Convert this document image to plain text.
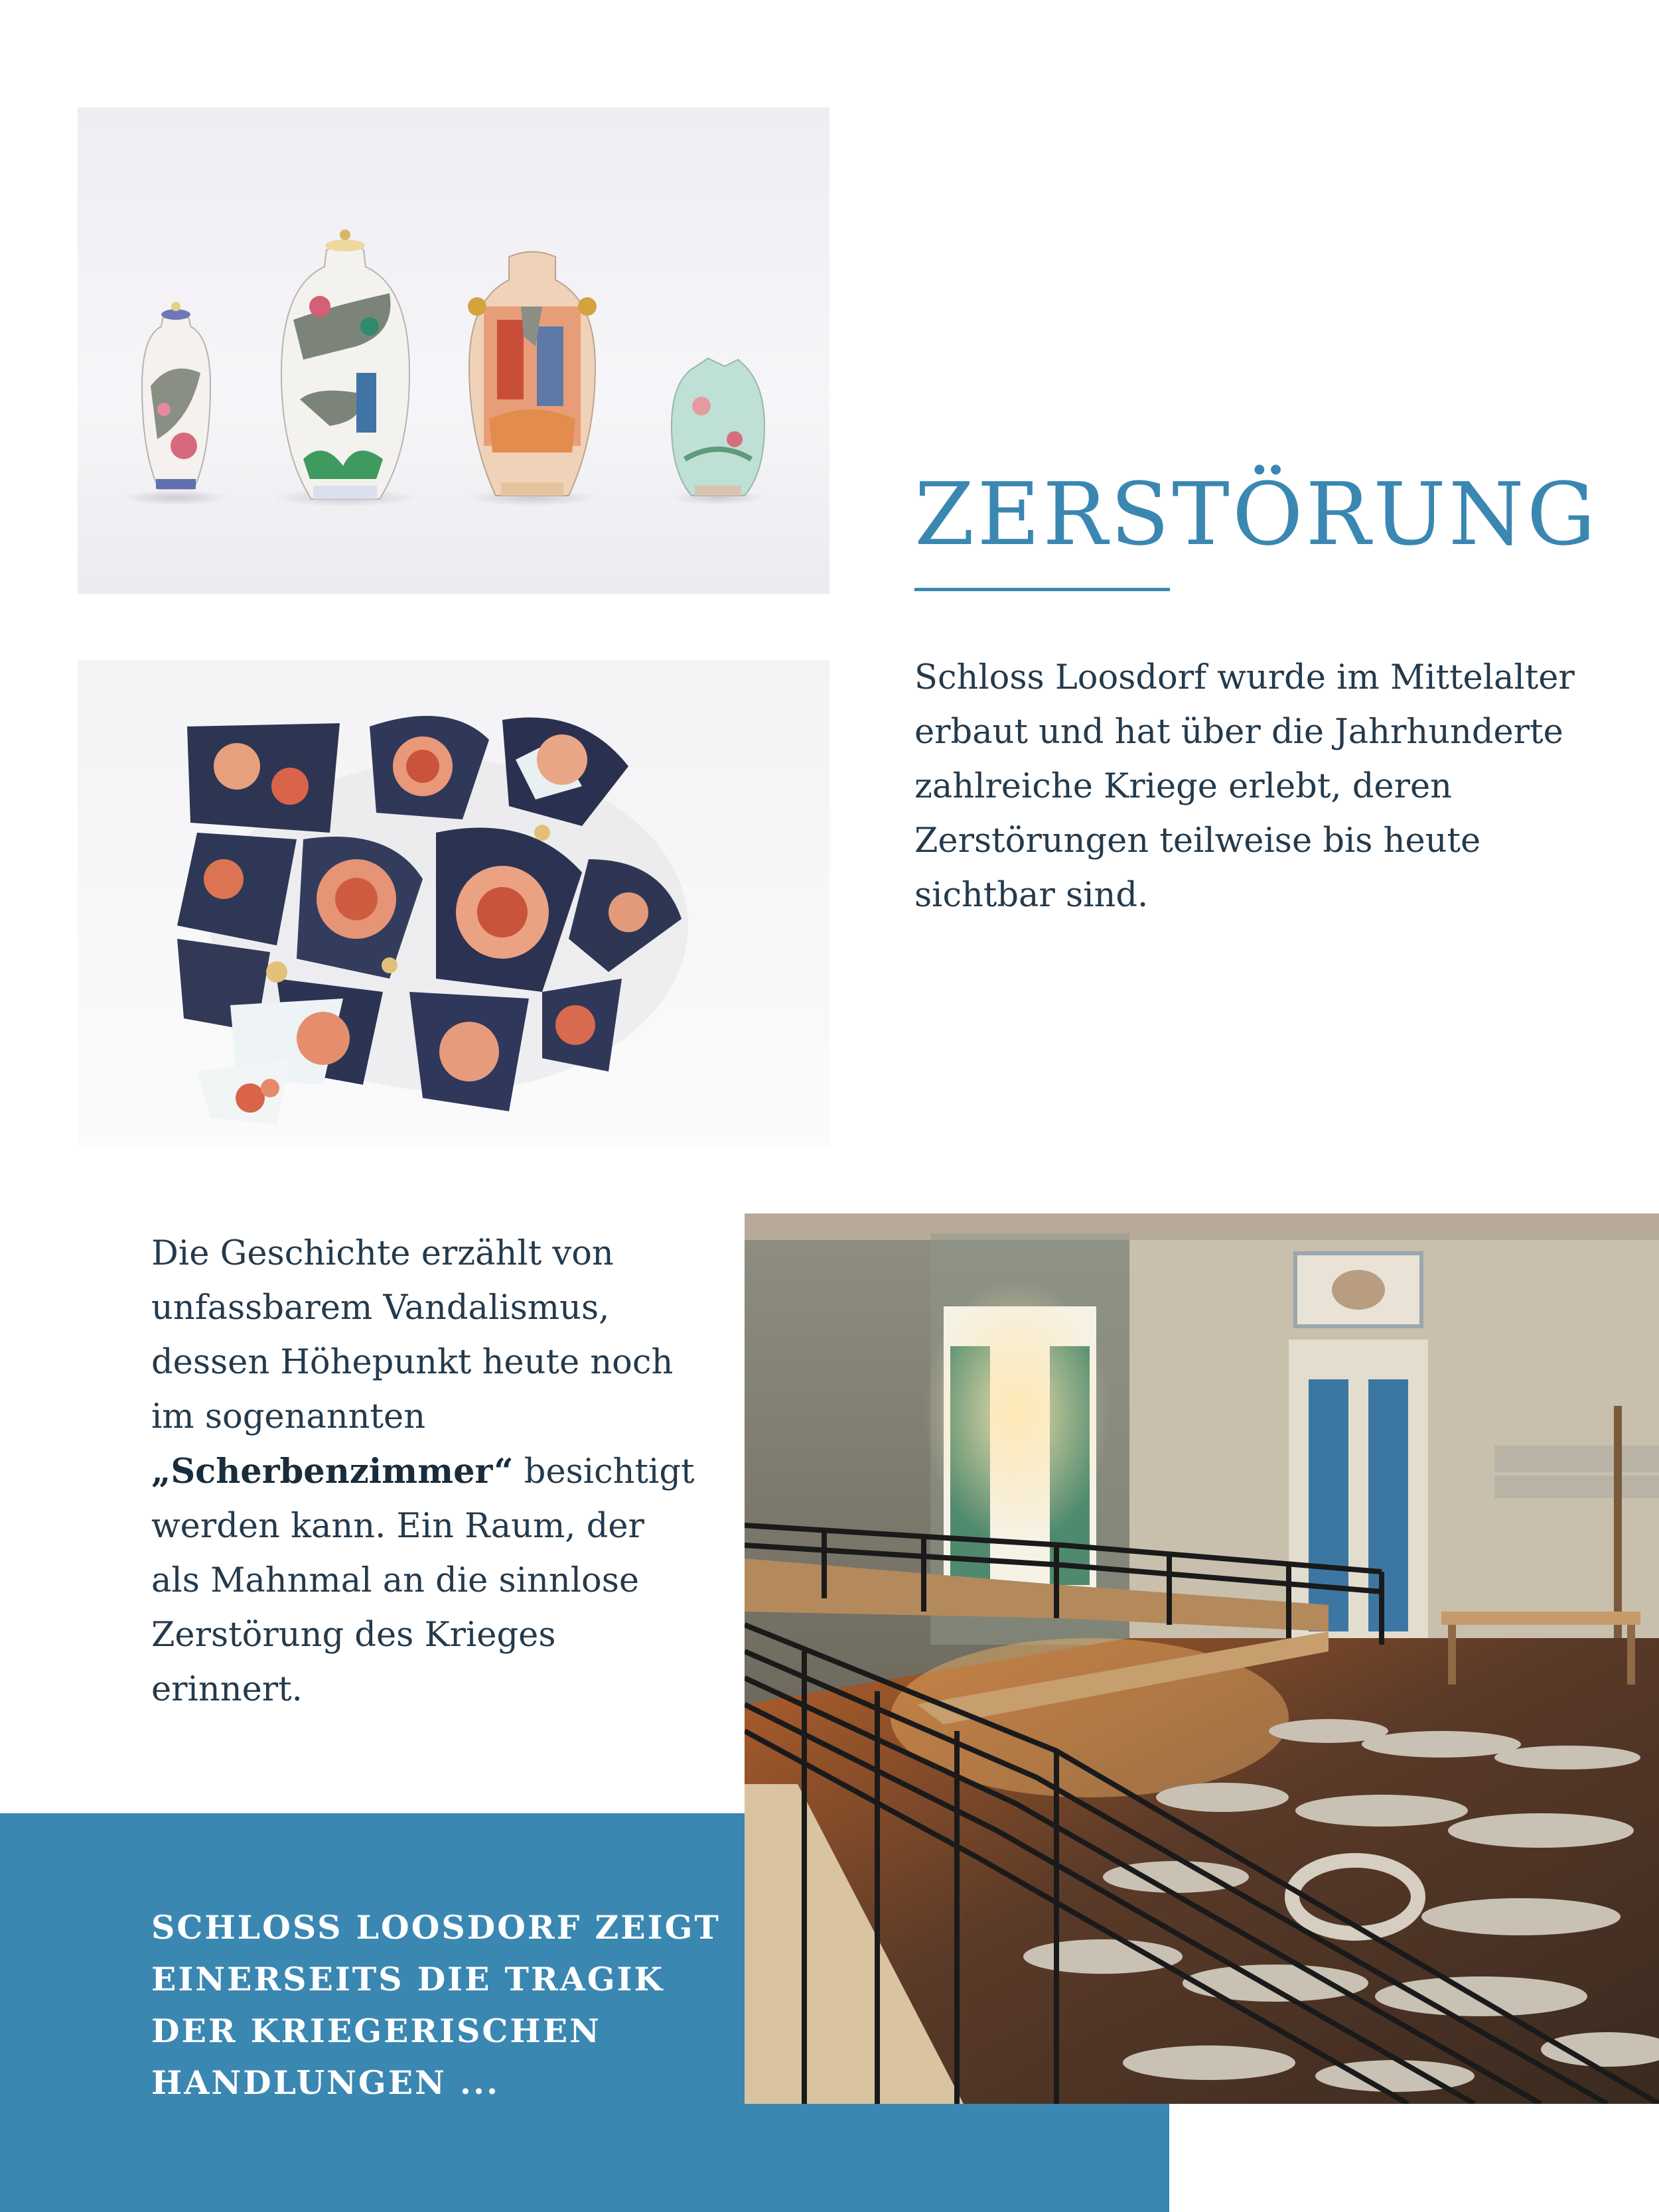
ZERSTÖRUNG

Schloss Loosdorf wurde im Mittelalter erbaut und hat über die Jahrhunderte zahlreiche Kriege erlebt, deren Zerstörungen teilweise bis heute sichtbar sind.

Die Geschichte erzählt von unfassbarem Vandalismus, dessen Höhepunkt heute noch im sogenannten „Scherbenzimmer“ besichtigt werden kann. Ein Raum, der als Mahnmal an die sinnlose Zerstörung des Krieges erinnert.

SCHLOSS LOOSDORF ZEIGT EINERSEITS DIE TRAGIK DER KRIEGERISCHEN HANDLUNGEN ...
